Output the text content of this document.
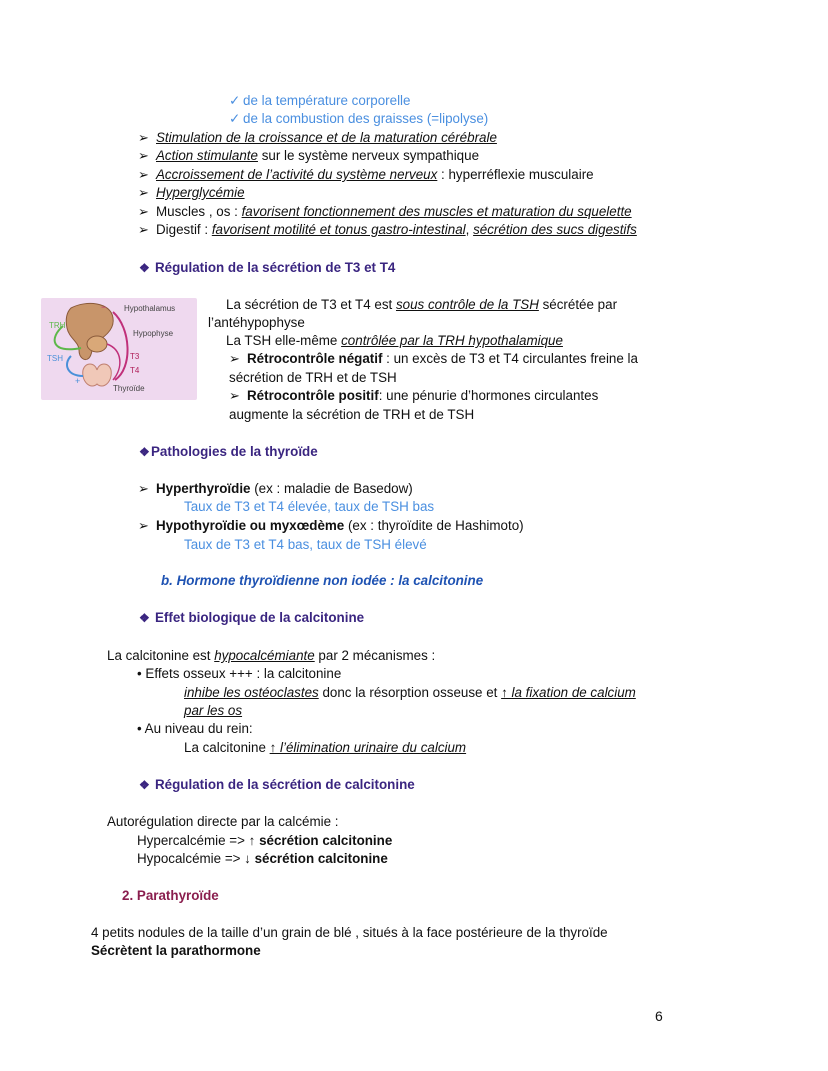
✓ de la température corporelle
✓ de la combustion des graisses (=lipolyse)
➢ Stimulation de la croissance et de la maturation cérébrale
➢ Action stimulante sur le système nerveux sympathique
➢ Accroissement de l’activité du système nerveux : hyperréflexie musculaire
➢ Hyperglycémie
➢ Muscles , os : favorisent fonctionnement des muscles et maturation du squelette
➢ Digestif : favorisent motilité et tonus gastro-intestinal, sécrétion des sucs digestifs
❖ Régulation de la sécrétion de T3 et T4
TRH
TSH
Hypothalamus
Hypophyse
T3
T4
Thyroïde
−
+
La sécrétion de T3 et T4 est sous contrôle de la TSH sécrétée par
l’antéhypophyse
La TSH elle-même contrôlée par la TRH hypothalamique
➢ Rétrocontrôle négatif : un excès de T3 et T4 circulantes freine la
sécrétion de TRH et de TSH
➢ Rétrocontrôle positif: une pénurie d’hormones circulantes
augmente la sécrétion de TRH et de TSH
❖Pathologies de la thyroïde
➢ Hyperthyroïdie (ex : maladie de Basedow)
Taux de T3 et T4 élevée, taux de TSH bas
➢ Hypothyroïdie ou myxœdème (ex : thyroïdite de Hashimoto)
Taux de T3 et T4 bas, taux de TSH élevé
b. Hormone thyroïdienne non iodée : la calcitonine
❖ Effet biologique de la calcitonine
La calcitonine est hypocalcémiante par 2 mécanismes :
• Effets osseux +++ : la calcitonine
inhibe les ostéoclastes donc la résorption osseuse et ↑ la fixation de calcium
par les os
• Au niveau du rein:
La calcitonine ↑ l’élimination urinaire du calcium
❖ Régulation de la sécrétion de calcitonine
Autorégulation directe par la calcémie :
Hypercalcémie => ↑ sécrétion calcitonine
Hypocalcémie => ↓ sécrétion calcitonine
2. Parathyroïde
4 petits nodules de la taille d’un grain de blé , situés à la face postérieure de la thyroïde
Sécrètent la parathormone
6
